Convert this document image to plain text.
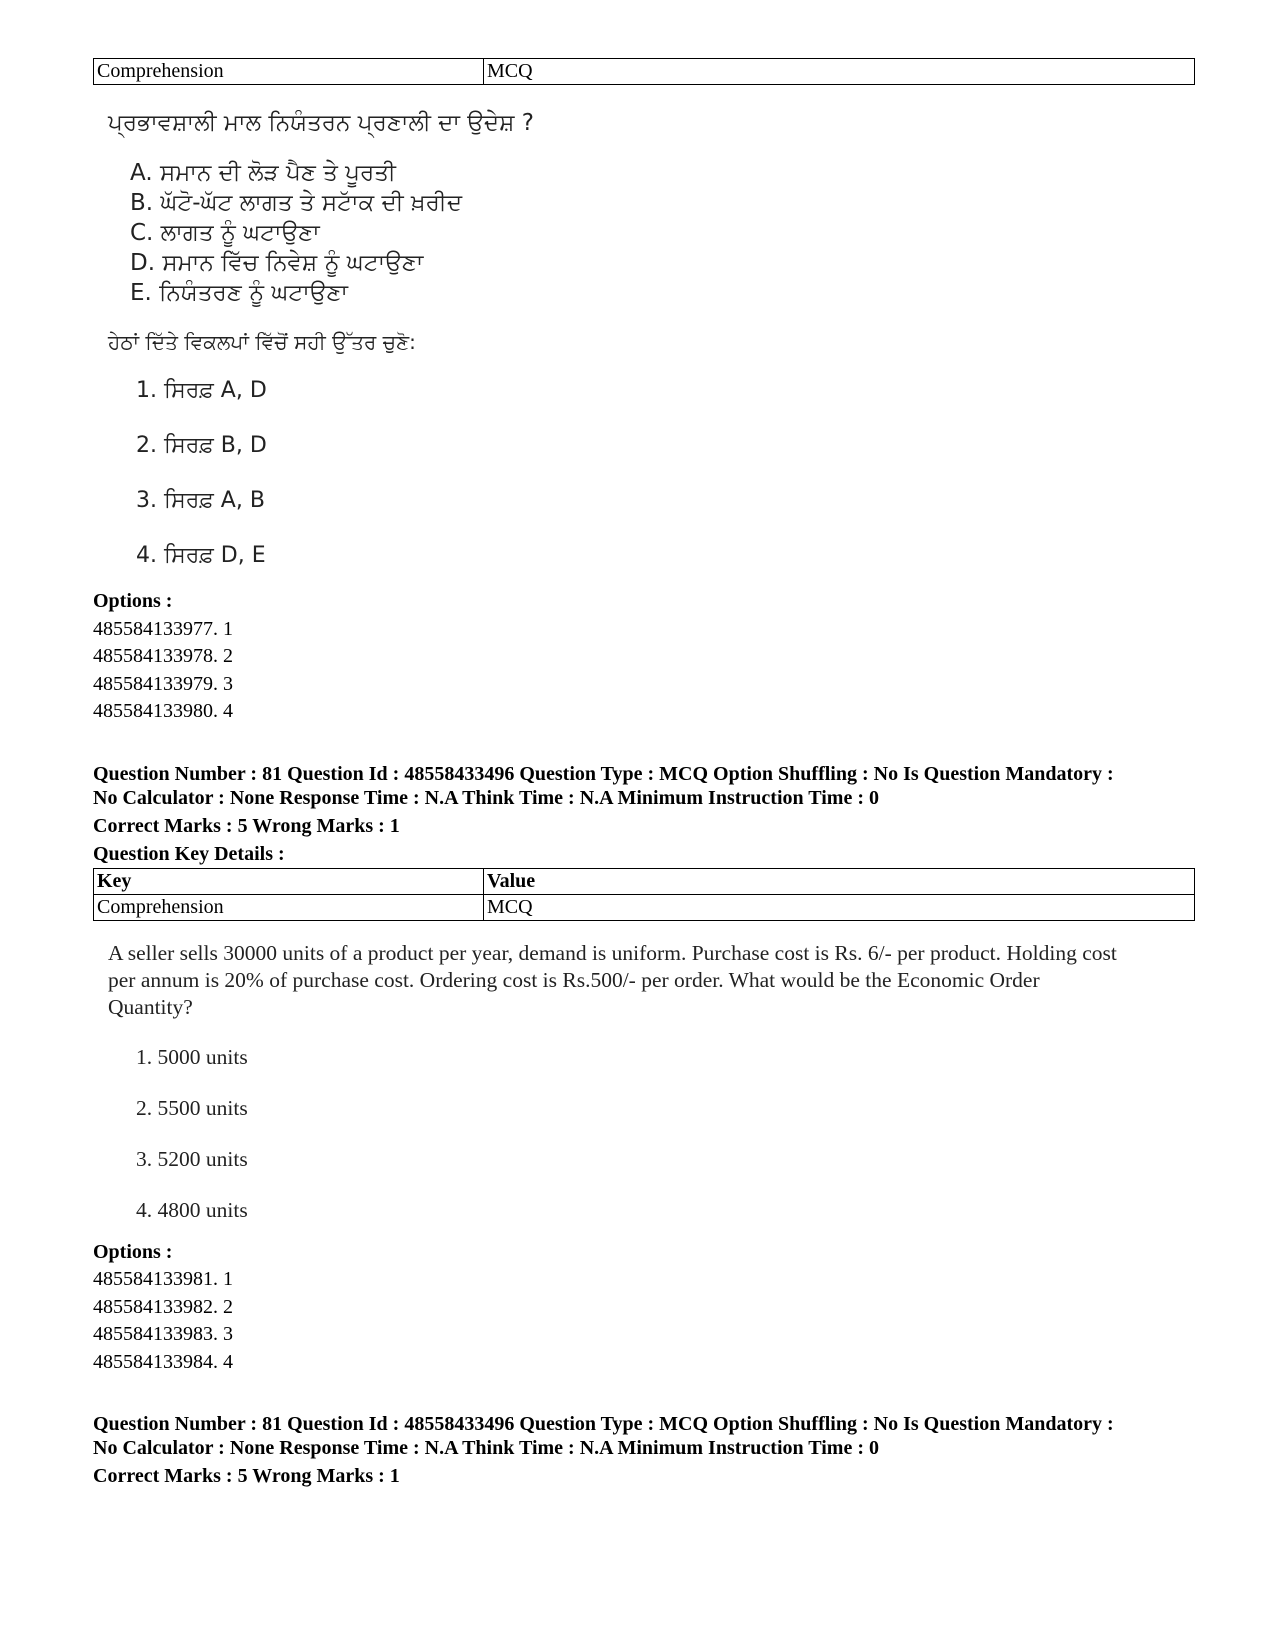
Comprehension	MCQ
ਪ੍ਰਭਾਵਸ਼ਾਲੀ ਮਾਲ ਨਿਯੰਤਰਨ ਪ੍ਰਣਾਲੀ ਦਾ ਉਦੇਸ਼ ?
A. ਸਮਾਨ ਦੀ ਲੋੜ ਪੈਣ ਤੇ ਪੂਰਤੀ
B. ਘੱਟੋ-ਘੱਟ ਲਾਗਤ ਤੇ ਸਟਾੱਕ ਦੀ ਖ਼ਰੀਦ
C. ਲਾਗਤ ਨੂੰ ਘਟਾਉਣਾ
D. ਸਮਾਨ ਵਿੱਚ ਨਿਵੇਸ਼ ਨੂੰ ਘਟਾਉਣਾ
E. ਨਿਯੰਤਰਣ ਨੂੰ ਘਟਾਉਣਾ
ਹੇਠਾਂ ਦਿੱਤੇ ਵਿਕਲਪਾਂ ਵਿੱਚੋਂ ਸਹੀ ਉੱਤਰ ਚੁਣੋ:
1. ਸਿਰਫ਼ A, D
2. ਸਿਰਫ਼ B, D
3. ਸਿਰਫ਼ A, B
4. ਸਿਰਫ਼ D, E
Options :
485584133977. 1
485584133978. 2
485584133979. 3
485584133980. 4
Question Number : 81 Question Id : 48558433496 Question Type : MCQ Option Shuffling : No Is Question Mandatory :
No Calculator : None Response Time : N.A Think Time : N.A Minimum Instruction Time : 0
Correct Marks : 5 Wrong Marks : 1
Question Key Details :
Key	Value
Comprehension	MCQ
A seller sells 30000 units of a product per year, demand is uniform. Purchase cost is Rs. 6/- per product. Holding cost per annum is 20% of purchase cost. Ordering cost is Rs.500/- per order. What would be the Economic Order Quantity?
1. 5000 units
2. 5500 units
3. 5200 units
4. 4800 units
Options :
485584133981. 1
485584133982. 2
485584133983. 3
485584133984. 4
Question Number : 81 Question Id : 48558433496 Question Type : MCQ Option Shuffling : No Is Question Mandatory :
No Calculator : None Response Time : N.A Think Time : N.A Minimum Instruction Time : 0
Correct Marks : 5 Wrong Marks : 1
